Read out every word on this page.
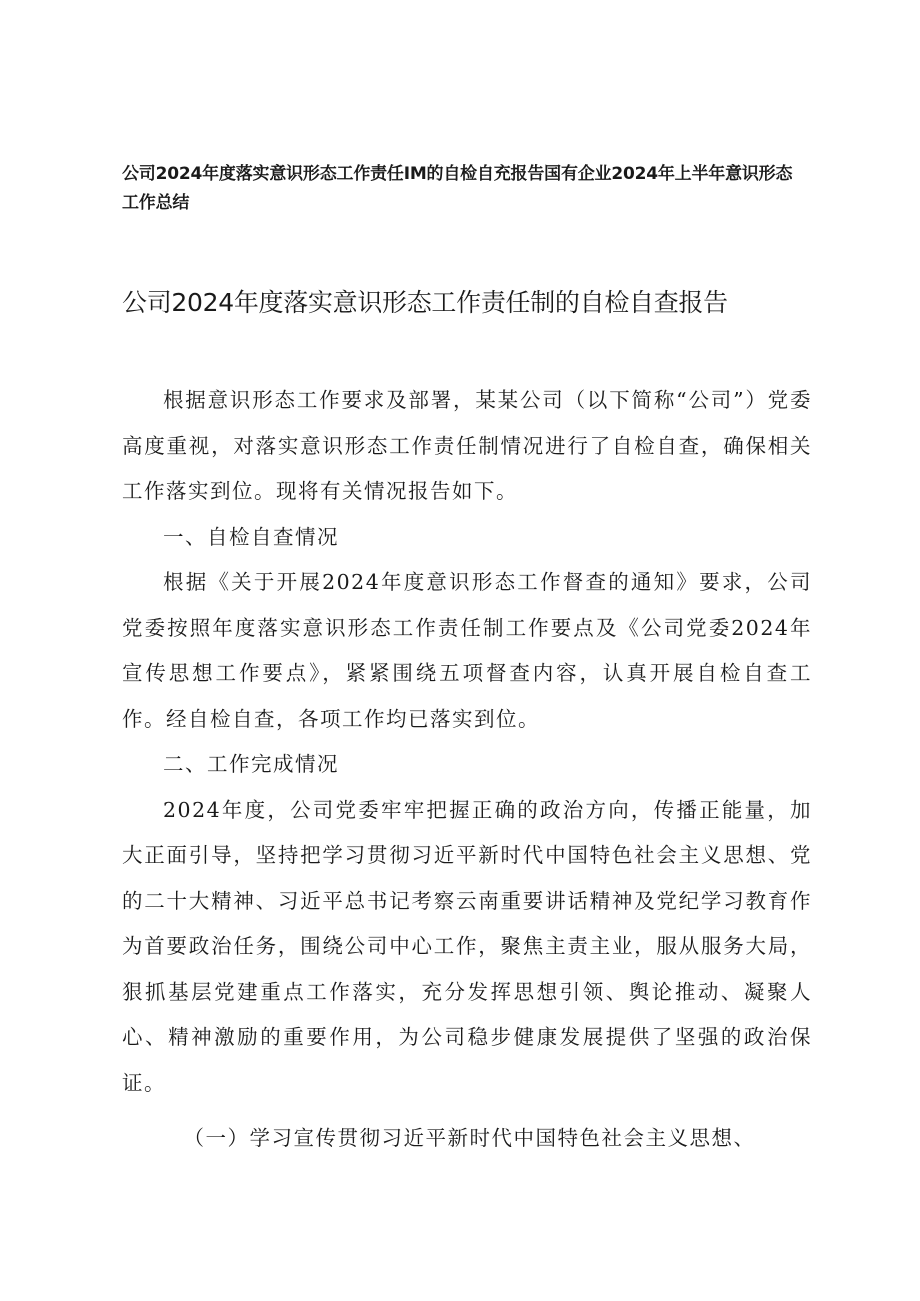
公司2024年度落实意识形态工作责任IM的自检自充报告国有企业2024年上半年意识形态工作总结

公司2024年度落实意识形态工作责任制的自检自查报告

根据意识形态工作要求及部署，某某公司（以下简称“公司”）党委高度重视，对落实意识形态工作责任制情况进行了自检自查，确保相关工作落实到位。现将有关情况报告如下。

一、自检自查情况

根据《关于开展2024年度意识形态工作督查的通知》要求，公司党委按照年度落实意识形态工作责任制工作要点及《公司党委2024年宣传思想工作要点》，紧紧围绕五项督查内容，认真开展自检自查工作。经自检自查，各项工作均已落实到位。

二、工作完成情况

2024年度，公司党委牢牢把握正确的政治方向，传播正能量，加大正面引导，坚持把学习贯彻习近平新时代中国特色社会主义思想、党的二十大精神、习近平总书记考察云南重要讲话精神及党纪学习教育作为首要政治任务，围绕公司中心工作，聚焦主责主业，服从服务大局，狠抓基层党建重点工作落实，充分发挥思想引领、舆论推动、凝聚人心、精神激励的重要作用，为公司稳步健康发展提供了坚强的政治保证。

（一）学习宣传贯彻习近平新时代中国特色社会主义思想、
